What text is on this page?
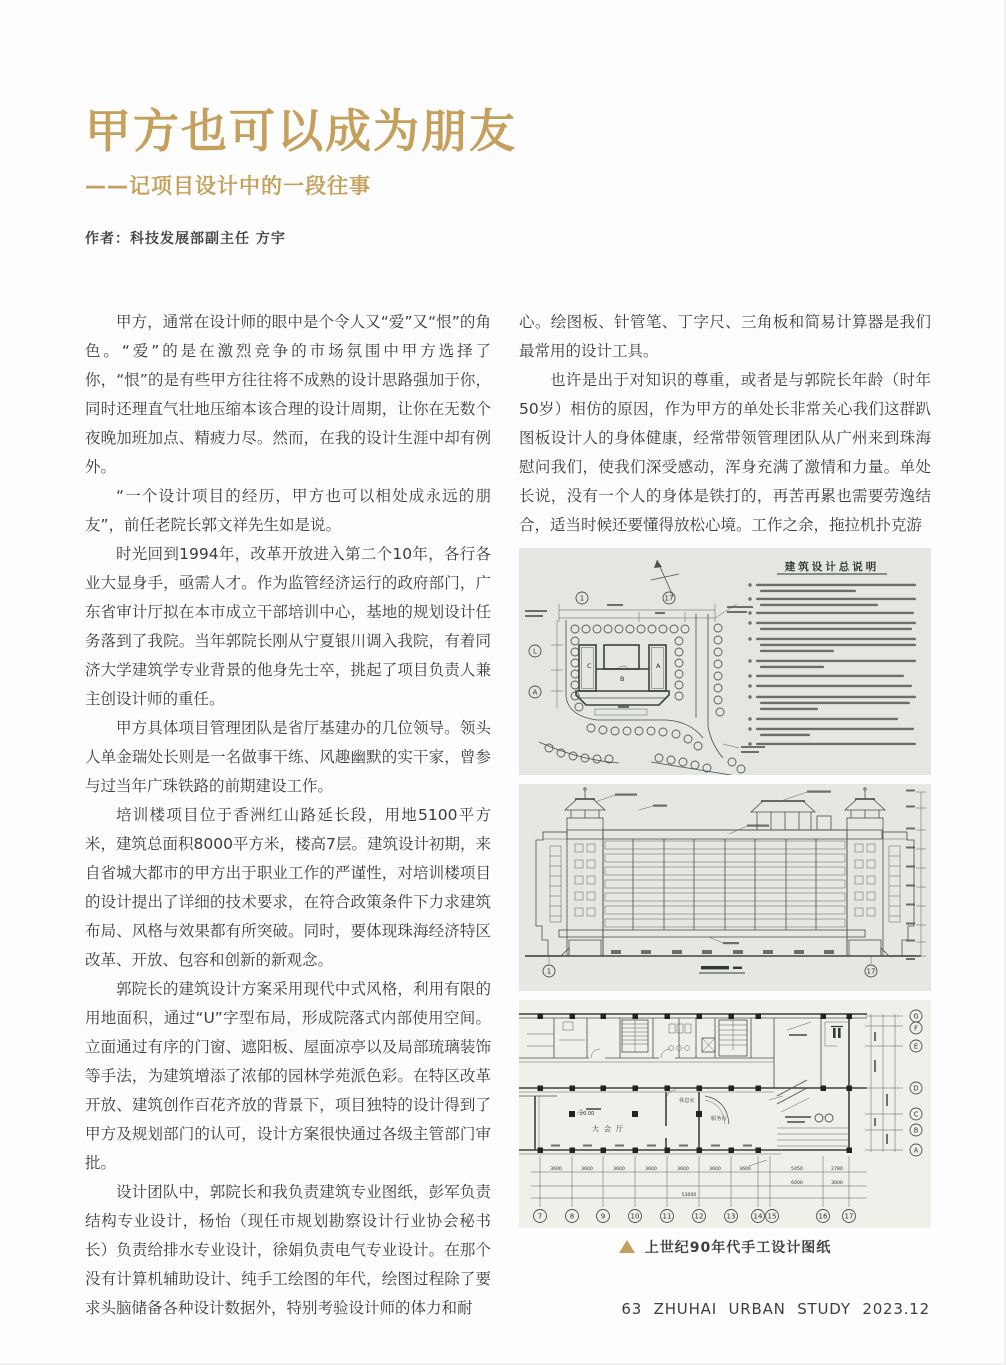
甲方也可以成为朋友
——记项目设计中的一段往事
作者：科技发展部副主任 方宇

甲方，通常在设计师的眼中是个令人又“爱”又“恨”的角色。“爱”的是在激烈竞争的市场氛围中甲方选择了你，“恨”的是有些甲方往往将不成熟的设计思路强加于你，同时还理直气壮地压缩本该合理的设计周期，让你在无数个夜晚加班加点、精疲力尽。然而，在我的设计生涯中却有例外。

“一个设计项目的经历，甲方也可以相处成永远的朋友”，前任老院长郭文祥先生如是说。

时光回到1994年，改革开放进入第二个10年，各行各业大显身手，亟需人才。作为监管经济运行的政府部门，广东省审计厅拟在本市成立干部培训中心，基地的规划设计任务落到了我院。当年郭院长刚从宁夏银川调入我院，有着同济大学建筑学专业背景的他身先士卒，挑起了项目负责人兼主创设计师的重任。

甲方具体项目管理团队是省厅基建办的几位领导。领头人单金瑞处长则是一名做事干练、风趣幽默的实干家，曾参与过当年广珠铁路的前期建设工作。

培训楼项目位于香洲红山路延长段，用地5100平方米，建筑总面积8000平方米，楼高7层。建筑设计初期，来自省城大都市的甲方出于职业工作的严谨性，对培训楼项目的设计提出了详细的技术要求，在符合政策条件下力求建筑布局、风格与效果都有所突破。同时，要体现珠海经济特区改革、开放、包容和创新的新观念。

郭院长的建筑设计方案采用现代中式风格，利用有限的用地面积，通过“U”字型布局，形成院落式内部使用空间。立面通过有序的门窗、遮阳板、屋面凉亭以及局部琉璃装饰等手法，为建筑增添了浓郁的园林学苑派色彩。在特区改革开放、建筑创作百花齐放的背景下，项目独特的设计得到了甲方及规划部门的认可，设计方案很快通过各级主管部门审批。

设计团队中，郭院长和我负责建筑专业图纸，彭军负责结构专业设计，杨怡（现任市规划勘察设计行业协会秘书长）负责给排水专业设计，徐娟负责电气专业设计。在那个没有计算机辅助设计、纯手工绘图的年代，绘图过程除了要求头脑储备各种设计数据外，特别考验设计师的体力和耐

心。绘图板、针管笔、丁字尺、三角板和简易计算器是我们最常用的设计工具。

也许是出于对知识的尊重，或者是与郭院长年龄（时年50岁）相仿的原因，作为甲方的单处长非常关心我们这群趴图板设计人的身体健康，经常带领管理团队从广州来到珠海慰问我们，使我们深受感动，浑身充满了激情和力量。单处长说，没有一个人的身体是铁打的，再苦再累也需要劳逸结合，适当时候还要懂得放松心境。工作之余，拖拉机扑克游

1	17
L
A
C
B
A
建筑设计总说明
1	17
大会厅
休息室
服务台
±0.00
3600	3600	3600	3600	3600	3600	3600	5450	2780
6000	3000
53000
7	8	9	10	11	12	13	14 15	16 17
G
F
E
D
C
B
A
上世纪90年代手工设计图纸
63 ZHUHAI URBAN STUDY 2023.12
